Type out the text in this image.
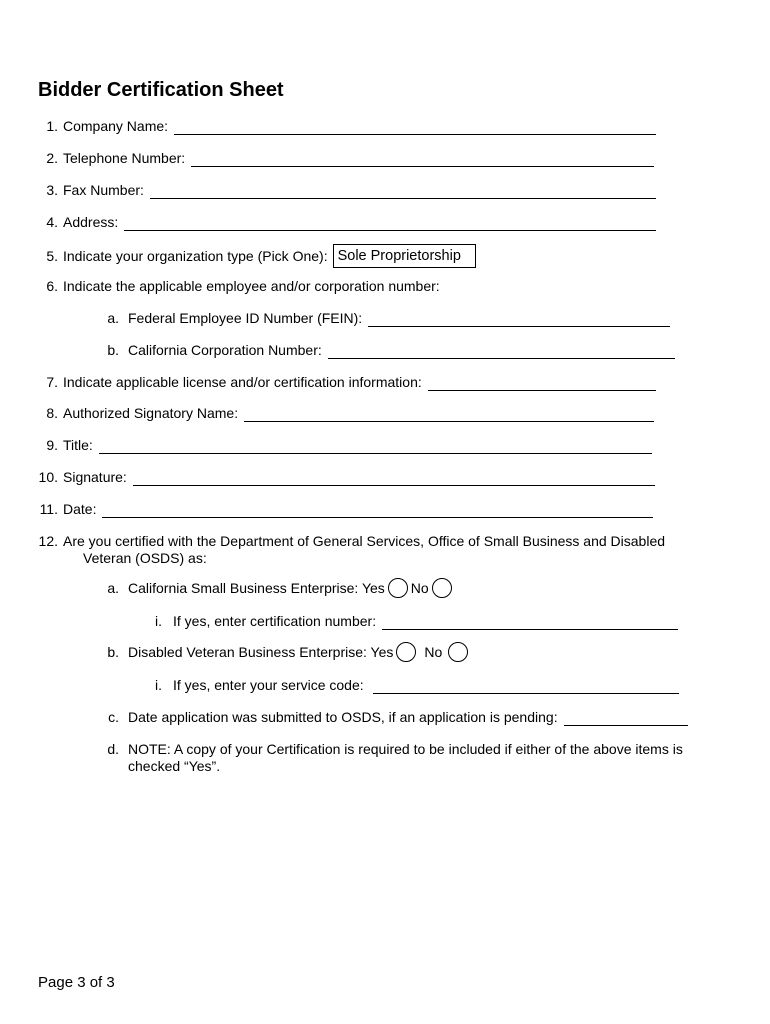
Bidder Certification Sheet
1. Company Name:
2. Telephone Number:
3. Fax Number:
4. Address:
5. Indicate your organization type (Pick One): Sole Proprietorship
6. Indicate the applicable employee and/or corporation number:
a. Federal Employee ID Number (FEIN):
b. California Corporation Number:
7. Indicate applicable license and/or certification information:
8. Authorized Signatory Name:
9. Title:
10. Signature:
11. Date:
12. Are you certified with the Department of General Services, Office of Small Business and Disabled
Veteran (OSDS) as:
a. California Small Business Enterprise: Yes No
i. If yes, enter certification number:
b. Disabled Veteran Business Enterprise: Yes No
i. If yes, enter your service code:
c. Date application was submitted to OSDS, if an application is pending:
d. NOTE: A copy of your Certification is required to be included if either of the above items is
checked “Yes”.
Page 3 of 3
